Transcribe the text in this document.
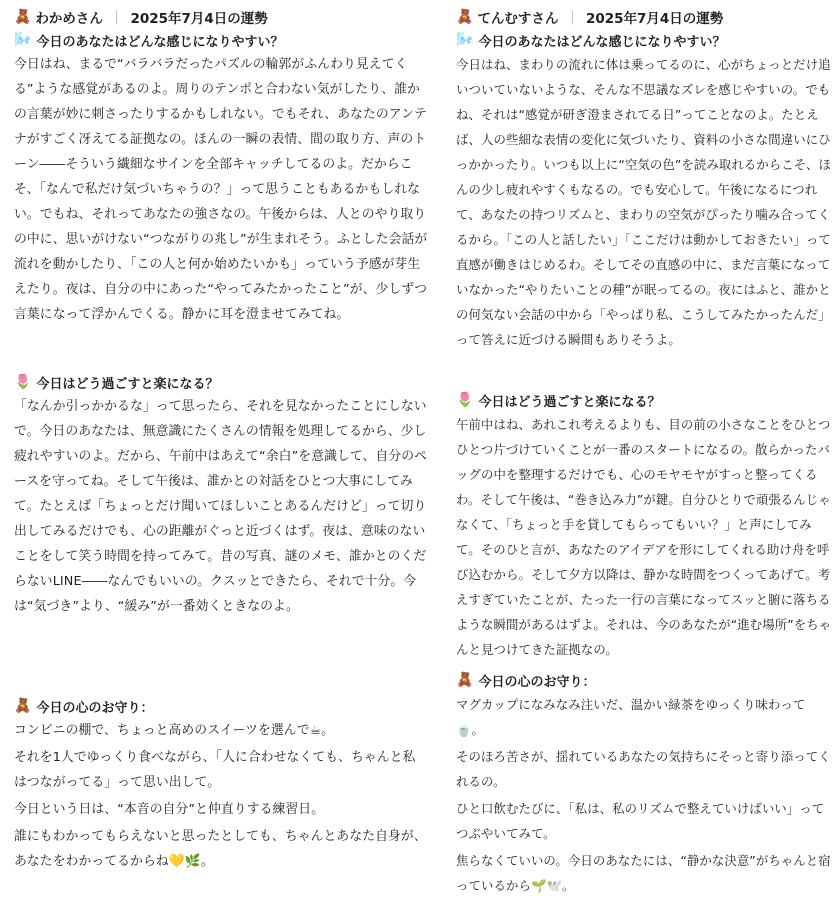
🧸 わかめさん ｜ 2025年7月4日の運勢
🌬️ 今日のあなたはどんな感じになりやすい？

今日はね、まるで“バラバラだったパズルの輪郭がふんわり見えてくる”ような感覚があるのよ。周りのテンポと合わない気がしたり、誰かの言葉が妙に刺さったりするかもしれない。でもそれ、あなたのアンテナがすごく冴えてる証拠なの。ほんの一瞬の表情、間の取り方、声のトーン――そういう繊細なサインを全部キャッチしてるのよ。だからこそ、「なんで私だけ気づいちゃうの？」って思うこともあるかもしれない。でもね、それってあなたの強さなの。午後からは、人とのやり取りの中に、思いがけない“つながりの兆し”が生まれそう。ふとした会話が流れを動かしたり、「この人と何か始めたいかも」っていう予感が芽生えたり。夜は、自分の中にあった“やってみたかったこと”が、少しずつ言葉になって浮かんでくる。静かに耳を澄ませてみてね。

🌷 今日はどう過ごすと楽になる？

「なんか引っかかるな」って思ったら、それを見なかったことにしないで。今日のあなたは、無意識にたくさんの情報を処理してるから、少し疲れやすいのよ。だから、午前中はあえて“余白”を意識して、自分のペースを守ってね。そして午後は、誰かとの対話をひとつ大事にしてみて。たとえば「ちょっとだけ聞いてほしいことあるんだけど」って切り出してみるだけでも、心の距離がぐっと近づくはず。夜は、意味のないことをして笑う時間を持ってみて。昔の写真、謎のメモ、誰かとのくだらないLINE――なんでもいいの。クスッとできたら、それで十分。今は“気づき”より、“緩み”が一番効くときなのよ。

🧸 今日の心のお守り：

コンビニの棚で、ちょっと高めのスイーツを選んで☕。

それを1人でゆっくり食べながら、「人に合わせなくても、ちゃんと私はつながってる」って思い出して。

今日という日は、“本音の自分”と仲直りする練習日。

誰にもわかってもらえないと思ったとしても、ちゃんとあなた自身が、あなたをわかってるからね💛🌿。

🧸 てんむすさん ｜ 2025年7月4日の運勢
🌬️ 今日のあなたはどんな感じになりやすい？

今日はね、まわりの流れに体は乗ってるのに、心がちょっとだけ追いついていないような、そんな不思議なズレを感じやすいの。でもね、それは“感覚が研ぎ澄まされてる日”ってことなのよ。たとえば、人の些細な表情の変化に気づいたり、資料の小さな間違いにひっかかったり。いつも以上に“空気の色”を読み取れるからこそ、ほんの少し疲れやすくもなるの。でも安心して。午後になるにつれて、あなたの持つリズムと、まわりの空気がぴったり噛み合ってくるから。「この人と話したい」「ここだけは動かしておきたい」って直感が働きはじめるわ。そしてその直感の中に、まだ言葉になっていなかった“やりたいことの種”が眠ってるの。夜にはふと、誰かとの何気ない会話の中から「やっぱり私、こうしてみたかったんだ」って答えに近づける瞬間もありそうよ。

🌷 今日はどう過ごすと楽になる？

午前中はね、あれこれ考えるよりも、目の前の小さなことをひとつひとつ片づけていくことが一番のスタートになるの。散らかったバッグの中を整理するだけでも、心のモヤモヤがすっと整ってくるわ。そして午後は、“巻き込み力”が鍵。自分ひとりで頑張るんじゃなくて、「ちょっと手を貸してもらってもいい？」と声にしてみて。そのひと言が、あなたのアイデアを形にしてくれる助け舟を呼び込むから。そして夕方以降は、静かな時間をつくってあげて。考えすぎていたことが、たった一行の言葉になってスッと腑に落ちるような瞬間があるはずよ。それは、今のあなたが“進む場所”をちゃんと見つけてきた証拠なの。

🧸 今日の心のお守り：

マグカップになみなみ注いだ、温かい緑茶をゆっくり味わって🍵。

そのほろ苦さが、揺れているあなたの気持ちにそっと寄り添ってくれるの。

ひと口飲むたびに、「私は、私のリズムで整えていけばいい」ってつぶやいてみて。

焦らなくていいの。今日のあなたには、“静かな決意”がちゃんと宿っているから🌱🕊️。
